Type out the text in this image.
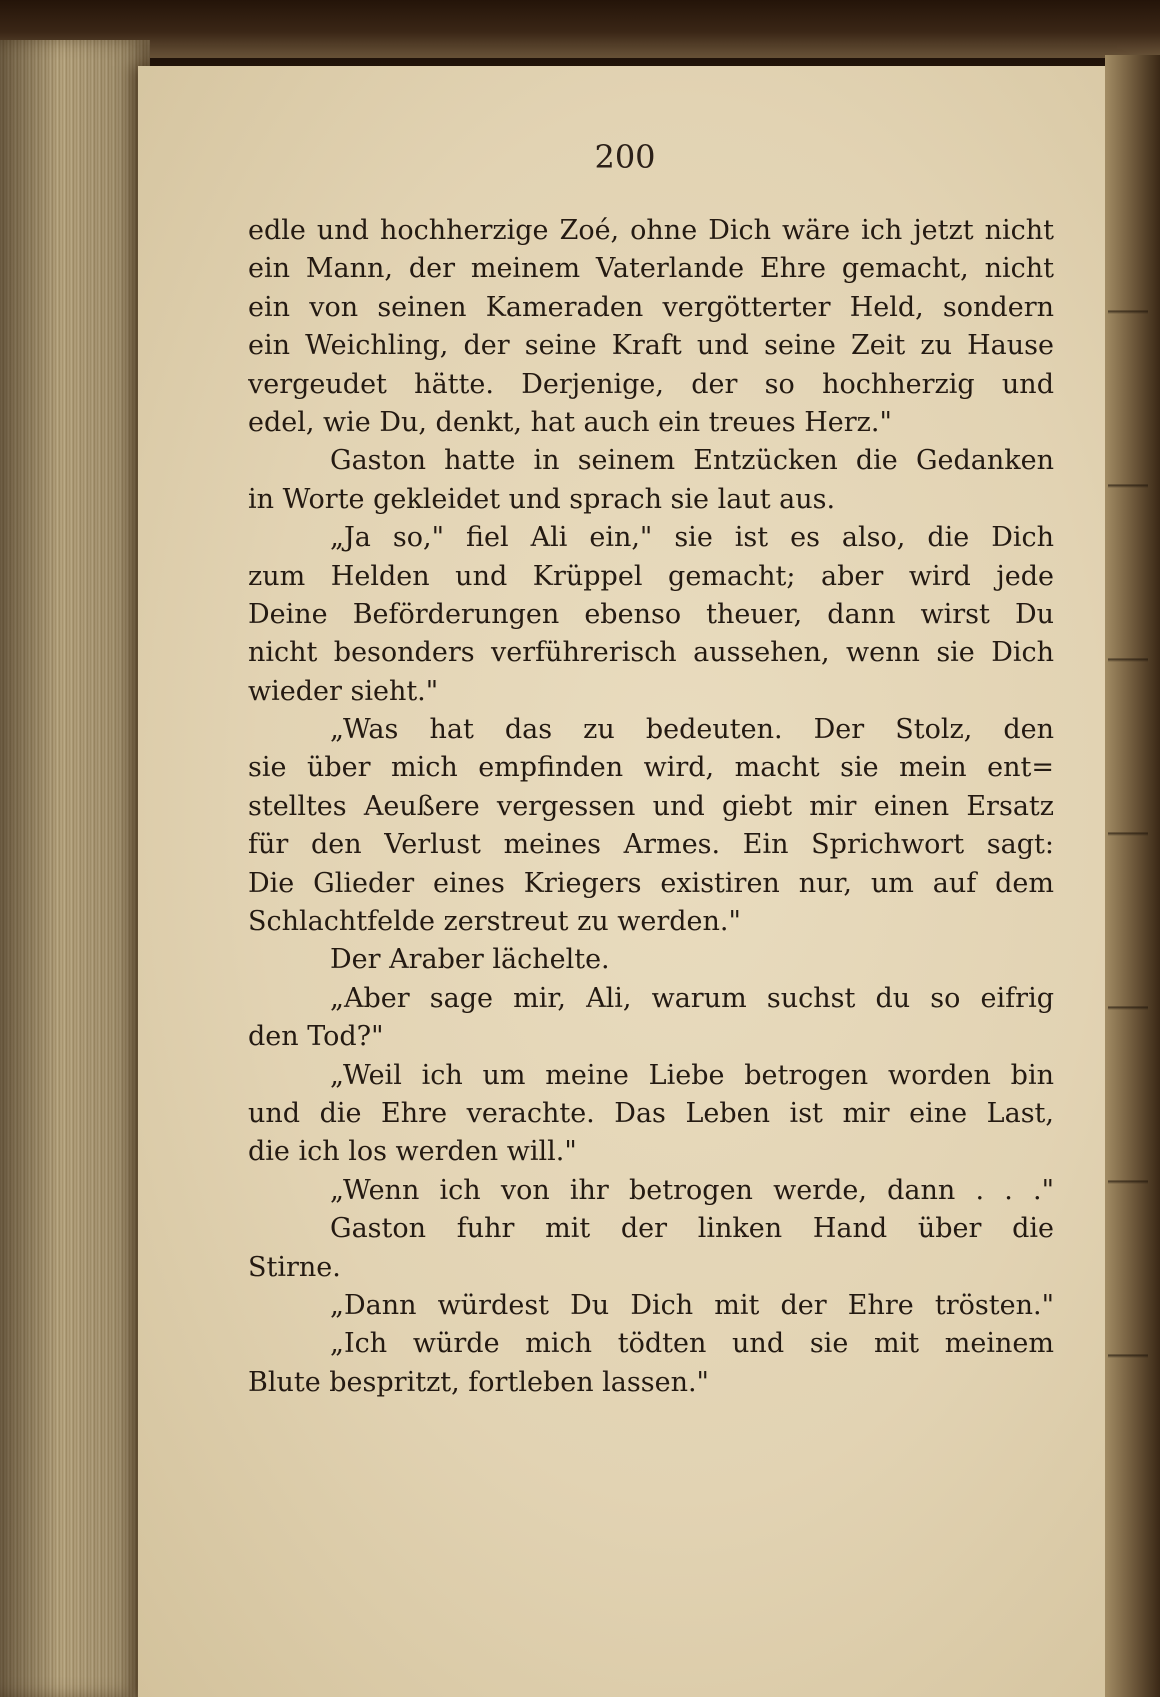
200
edle und hochherzige Zoé, ohne Dich wäre ich jetzt nicht
ein Mann, der meinem Vaterlande Ehre gemacht, nicht
ein von seinen Kameraden vergötterter Held, sondern
ein Weichling, der seine Kraft und seine Zeit zu Hause
vergeudet hätte. Derjenige, der so hochherzig und
edel, wie Du, denkt, hat auch ein treues Herz."
Gaston hatte in seinem Entzücken die Gedanken
in Worte gekleidet und sprach sie laut aus.
„Ja so," fiel Ali ein," sie ist es also, die Dich
zum Helden und Krüppel gemacht; aber wird jede
Deine Beförderungen ebenso theuer, dann wirst Du
nicht besonders verführerisch aussehen, wenn sie Dich
wieder sieht."
„Was hat das zu bedeuten. Der Stolz, den
sie über mich empfinden wird, macht sie mein ent=
stelltes Aeußere vergessen und giebt mir einen Ersatz
für den Verlust meines Armes. Ein Sprichwort sagt:
Die Glieder eines Kriegers existiren nur, um auf dem
Schlachtfelde zerstreut zu werden."
Der Araber lächelte.
„Aber sage mir, Ali, warum suchst du so eifrig
den Tod?"
„Weil ich um meine Liebe betrogen worden bin
und die Ehre verachte. Das Leben ist mir eine Last,
die ich los werden will."
„Wenn ich von ihr betrogen werde, dann . . ."
Gaston fuhr mit der linken Hand über die
Stirne.
„Dann würdest Du Dich mit der Ehre trösten."
„Ich würde mich tödten und sie mit meinem
Blute bespritzt, fortleben lassen."
